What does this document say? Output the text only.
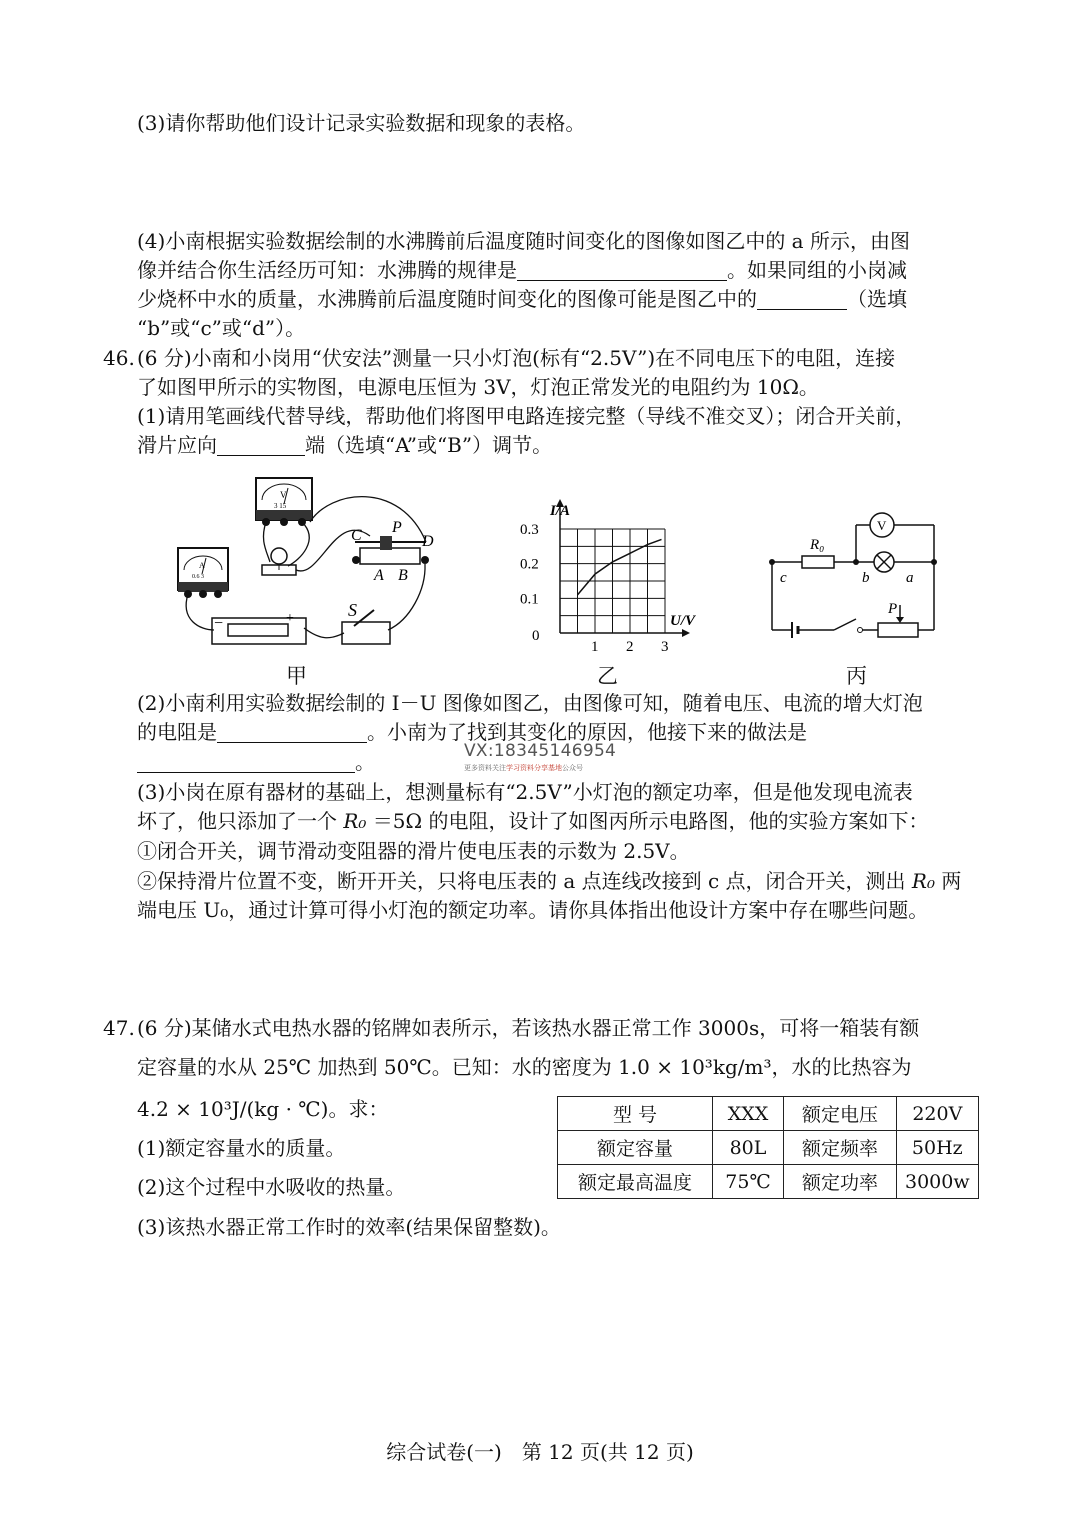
(3)请你帮助他们设计记录实验数据和现象的表格。
(4)小南根据实验数据绘制的水沸腾前后温度随时间变化的图像如图乙中的 a 所示，由图
像并结合你生活经历可知：水沸腾的规律是	。如果同组的小岗减
少烧杯中水的质量，水沸腾前后温度随时间变化的图像可能是图乙中的	（选填
“b”或“c”或“d”）。
46. (6 分)小南和小岗用“伏安法”测量一只小灯泡(标有“2.5V”)在不同电压下的电阻，连接
了如图甲所示的实物图，电源电压恒为 3V，灯泡正常发光的电阻约为 10Ω。
(1)请用笔画线代替导线，帮助他们将图甲电路连接完整（导线不准交叉）；闭合开关前，
滑片应向	端（选填“A”或“B”）调节。
V
3 15
A
0.6 3
C P
D
A B
−	+	S
甲
I/A
U/V
0
1 2 3
0.1
0.2
0.3
乙
V
R₀
c	b a
P
丙
(2)小南利用实验数据绘制的 I－U 图像如图乙，由图像可知，随着电压、电流的增大灯泡
的电阻是	。小南为了找到其变化的原因，他接下来的做法是
。	VX:18345146954
更多资料关注学习资料分享基地公众号
(3)小岗在原有器材的基础上，想测量标有“2.5V”小灯泡的额定功率，但是他发现电流表
坏了，他只添加了一个 R₀ ＝5Ω 的电阻，设计了如图丙所示电路图，他的实验方案如下：
①闭合开关，调节滑动变阻器的滑片使电压表的示数为 2.5V。
②保持滑片位置不变，断开开关，只将电压表的 a 点连线改接到 c 点，闭合开关，测出 R₀ 两
端电压 U₀，通过计算可得小灯泡的额定功率。请你具体指出他设计方案中存在哪些问题。
47. (6 分)某储水式电热水器的铭牌如表所示，若该热水器正常工作 3000s，可将一箱装有额
定容量的水从 25℃ 加热到 50℃。已知：水的密度为 1.0 × 10³kg/m³，水的比热容为
4.2 × 10³J/(kg · ℃)。求：
(1)额定容量水的质量。
(2)这个过程中水吸收的热量。
(3)该热水器正常工作时的效率(结果保留整数)。
型 号	XXX	额定电压	220V
额定容量	80L	额定频率	50Hz
额定最高温度	75℃	额定功率	3000w
综合试卷(一)　第 12 页(共 12 页)
